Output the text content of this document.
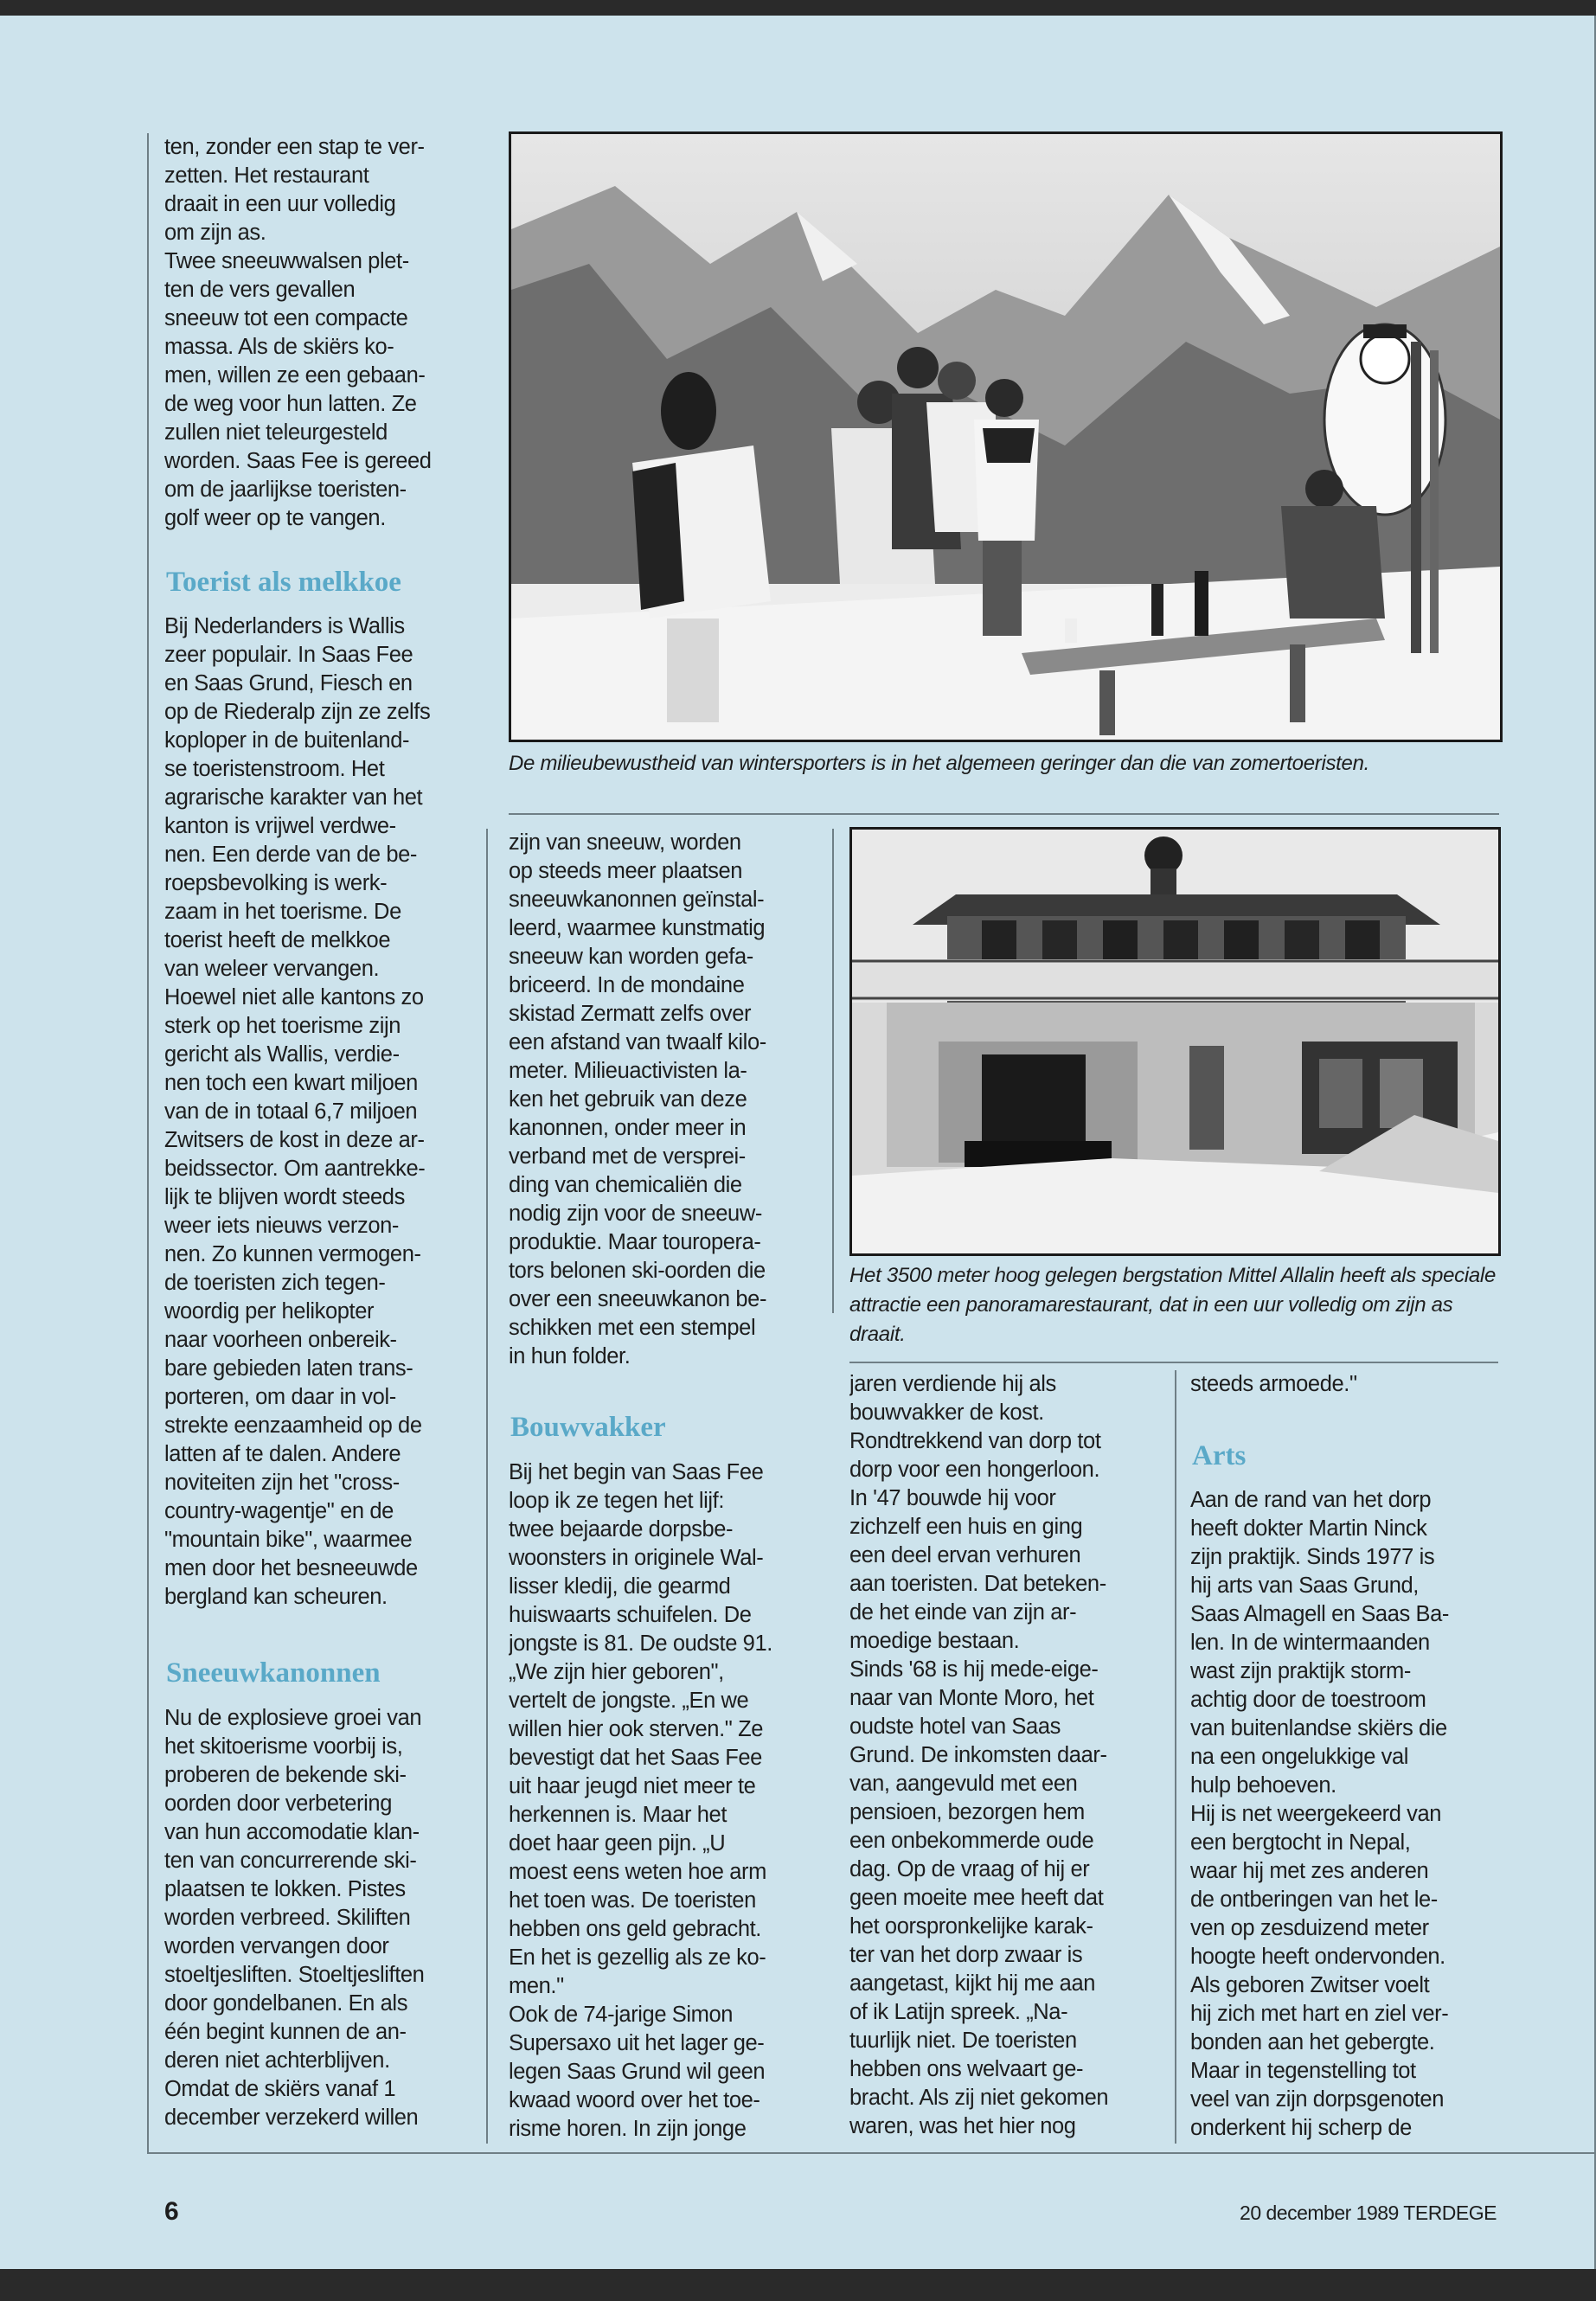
ten, zonder een stap te ver-
zetten. Het restaurant
draait in een uur volledig
om zijn as.
Twee sneeuwwalsen plet-
ten de vers gevallen
sneeuw tot een compacte
massa. Als de skiërs ko-
men, willen ze een gebaan-
de weg voor hun latten. Ze
zullen niet teleurgesteld
worden. Saas Fee is gereed
om de jaarlijkse toeristen-
golf weer op te vangen.
Toerist als melkkoe
Bij Nederlanders is Wallis
zeer populair. In Saas Fee
en Saas Grund, Fiesch en
op de Riederalp zijn ze zelfs
koploper in de buitenland-
se toeristenstroom. Het
agrarische karakter van het
kanton is vrijwel verdwe-
nen. Een derde van de be-
roepsbevolking is werk-
zaam in het toerisme. De
toerist heeft de melkkoe
van weleer vervangen.
Hoewel niet alle kantons zo
sterk op het toerisme zijn
gericht als Wallis, verdie-
nen toch een kwart miljoen
van de in totaal 6,7 miljoen
Zwitsers de kost in deze ar-
beidssector. Om aantrekke-
lijk te blijven wordt steeds
weer iets nieuws verzon-
nen. Zo kunnen vermogen-
de toeristen zich tegen-
woordig per helikopter
naar voorheen onbereik-
bare gebieden laten trans-
porteren, om daar in vol-
strekte eenzaamheid op de
latten af te dalen. Andere
noviteiten zijn het "cross-
country-wagentje" en de
"mountain bike", waarmee
men door het besneeuwde
bergland kan scheuren.
Sneeuwkanonnen
Nu de explosieve groei van
het skitoerisme voorbij is,
proberen de bekende ski-
oorden door verbetering
van hun accomodatie klan-
ten van concurrerende ski-
plaatsen te lokken. Pistes
worden verbreed. Skiliften
worden vervangen door
stoeltjesliften. Stoeltjesliften
door gondelbanen. En als
één begint kunnen de an-
deren niet achterblijven.
Omdat de skiërs vanaf 1
december verzekerd willen
De milieubewustheid van wintersporters is in het algemeen geringer dan die van zomertoeristen.
zijn van sneeuw, worden
op steeds meer plaatsen
sneeuwkanonnen geïnstal-
leerd, waarmee kunstmatig
sneeuw kan worden gefa-
briceerd. In de mondaine
skistad Zermatt zelfs over
een afstand van twaalf kilo-
meter. Milieuactivisten la-
ken het gebruik van deze
kanonnen, onder meer in
verband met de versprei-
ding van chemicaliën die
nodig zijn voor de sneeuw-
produktie. Maar touropera-
tors belonen ski-oorden die
over een sneeuwkanon be-
schikken met een stempel
in hun folder.
Bouwvakker
Bij het begin van Saas Fee
loop ik ze tegen het lijf:
twee bejaarde dorpsbe-
woonsters in originele Wal-
lisser kledij, die gearmd
huiswaarts schuifelen. De
jongste is 81. De oudste 91.
„We zijn hier geboren",
vertelt de jongste. „En we
willen hier ook sterven." Ze
bevestigt dat het Saas Fee
uit haar jeugd niet meer te
herkennen is. Maar het
doet haar geen pijn. „U
moest eens weten hoe arm
het toen was. De toeristen
hebben ons geld gebracht.
En het is gezellig als ze ko-
men."
Ook de 74-jarige Simon
Supersaxo uit het lager ge-
legen Saas Grund wil geen
kwaad woord over het toe-
risme horen. In zijn jonge
Het 3500 meter hoog gelegen bergstation Mittel Allalin heeft als speciale attractie een panoramarestaurant, dat in een uur volledig om zijn as draait.
jaren verdiende hij als
bouwvakker de kost.
Rondtrekkend van dorp tot
dorp voor een hongerloon.
In '47 bouwde hij voor
zichzelf een huis en ging
een deel ervan verhuren
aan toeristen. Dat beteken-
de het einde van zijn ar-
moedige bestaan.
Sinds '68 is hij mede-eige-
naar van Monte Moro, het
oudste hotel van Saas
Grund. De inkomsten daar-
van, aangevuld met een
pensioen, bezorgen hem
een onbekommerde oude
dag. Op de vraag of hij er
geen moeite mee heeft dat
het oorspronkelijke karak-
ter van het dorp zwaar is
aangetast, kijkt hij me aan
of ik Latijn spreek. „Na-
tuurlijk niet. De toeristen
hebben ons welvaart ge-
bracht. Als zij niet gekomen
waren, was het hier nog
steeds armoede."
Arts
Aan de rand van het dorp
heeft dokter Martin Ninck
zijn praktijk. Sinds 1977 is
hij arts van Saas Grund,
Saas Almagell en Saas Ba-
len. In de wintermaanden
wast zijn praktijk storm-
achtig door de toestroom
van buitenlandse skiërs die
na een ongelukkige val
hulp behoeven.
Hij is net weergekeerd van
een bergtocht in Nepal,
waar hij met zes anderen
de ontberingen van het le-
ven op zesduizend meter
hoogte heeft ondervonden.
Als geboren Zwitser voelt
hij zich met hart en ziel ver-
bonden aan het gebergte.
Maar in tegenstelling tot
veel van zijn dorpsgenoten
onderkent hij scherp de
6	20 december 1989 TERDEGE
